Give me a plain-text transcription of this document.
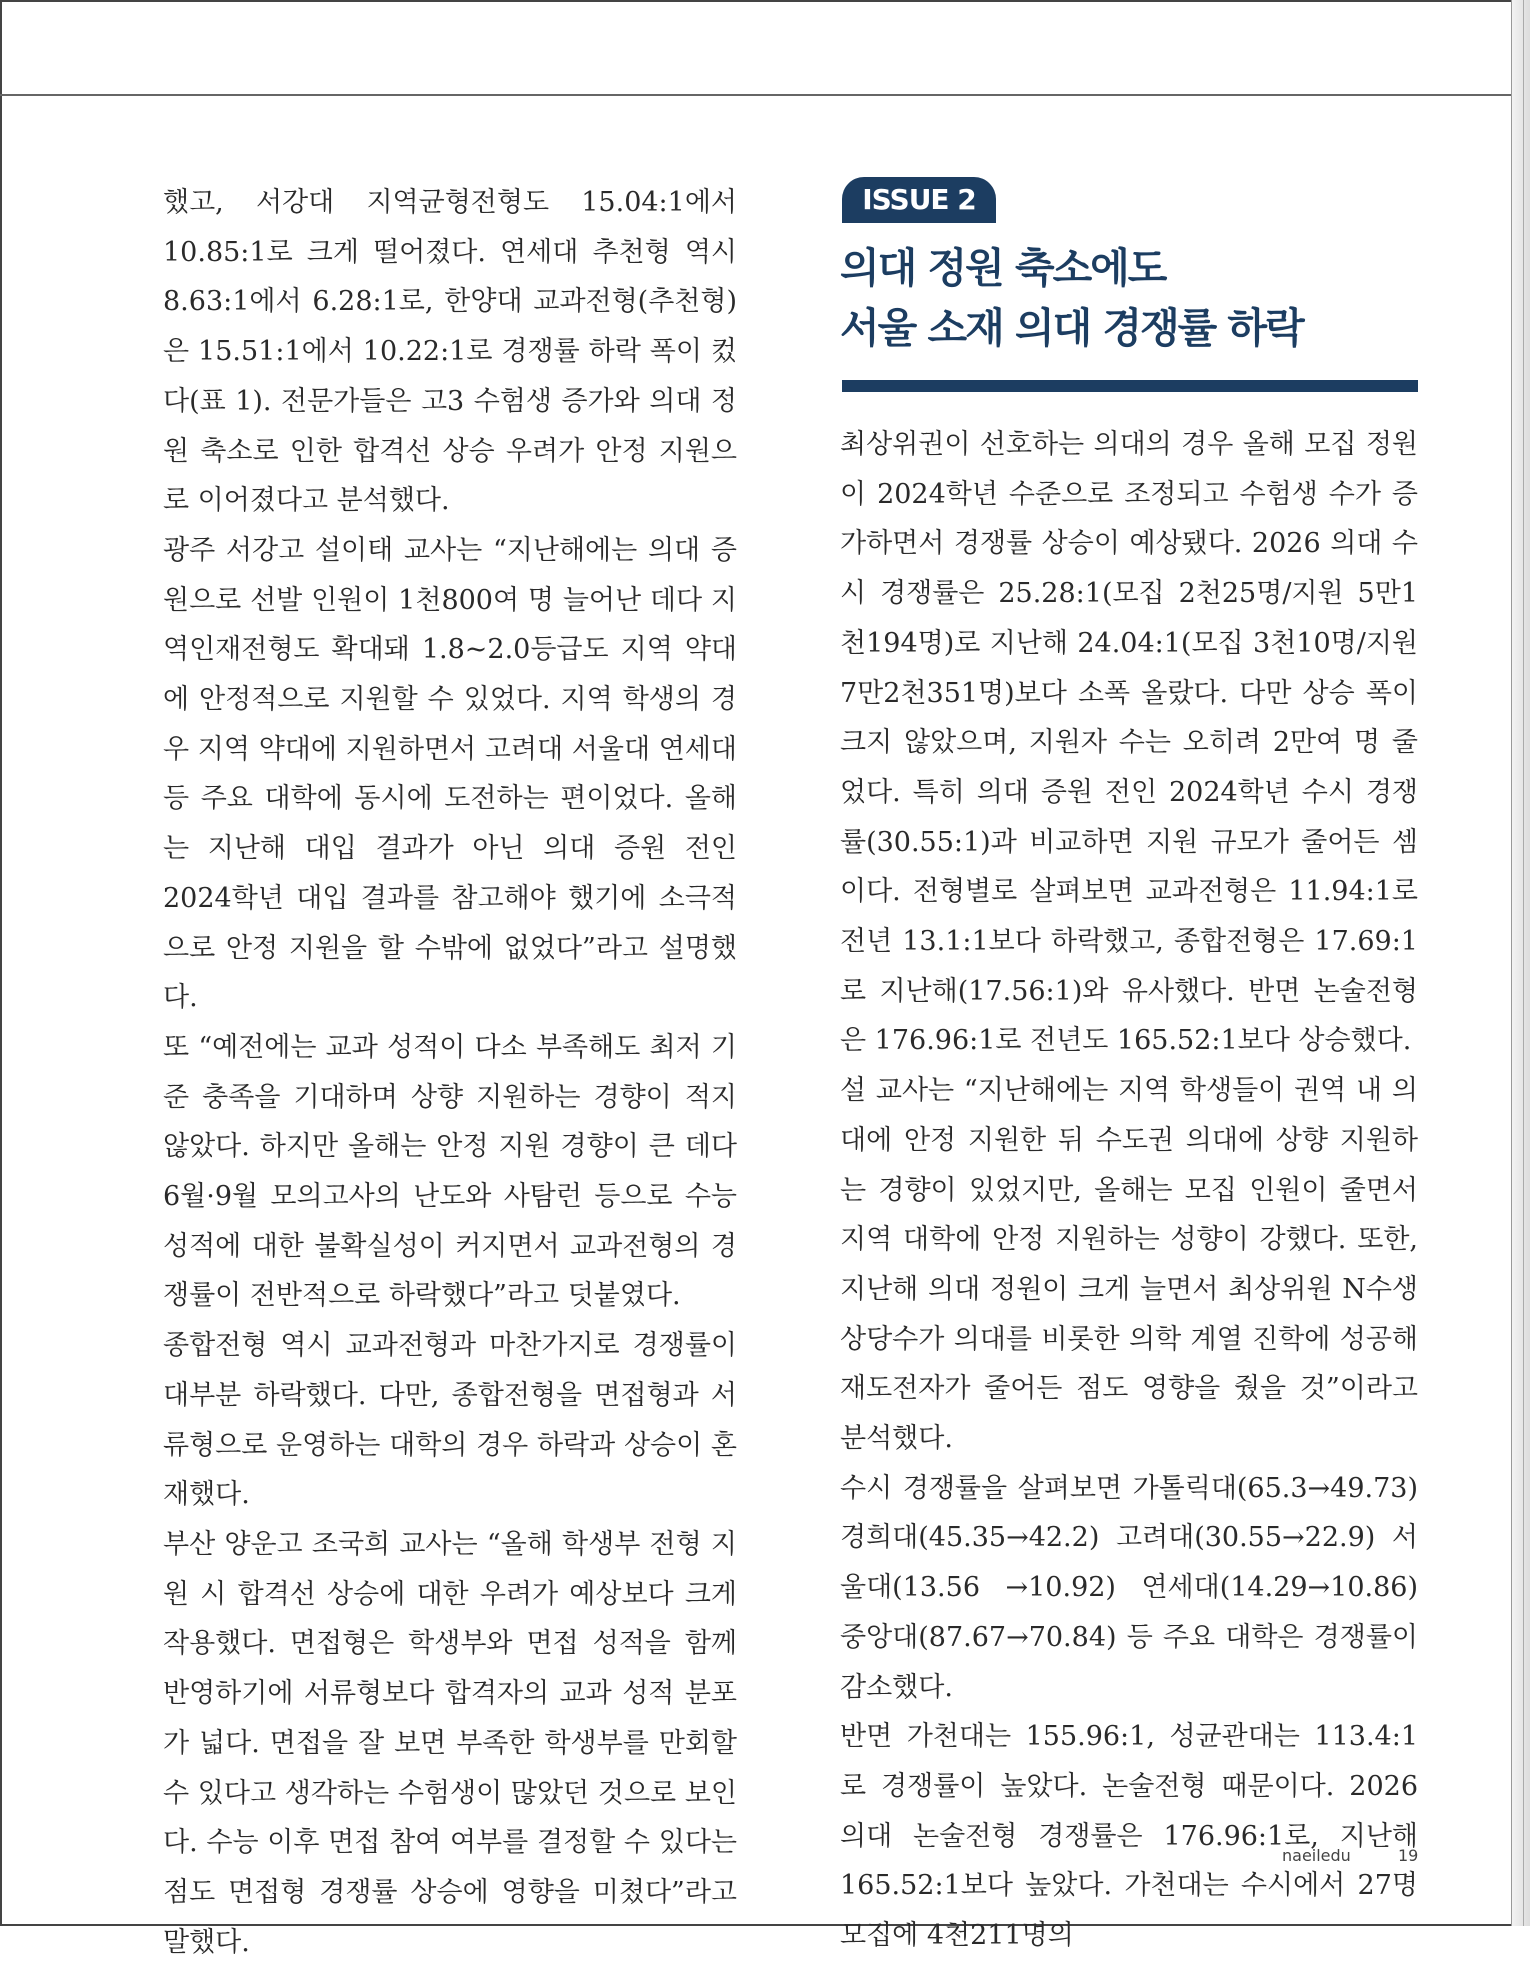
했고, 서강대 지역균형전형도 15.04:1에서 10.85:1로 크게 떨어졌다. 연세대 추천형 역시 8.63:1에서 6.28:1로, 한양대 교과전형(추천형)은 15.51:1에서 10.22:1로 경쟁률 하락 폭이 컸다(표 1). 전문가들은 고3 수험생 증가와 의대 정원 축소로 인한 합격선 상승 우려가 안정 지원으로 이어졌다고 분석했다.

광주 서강고 설이태 교사는 “지난해에는 의대 증원으로 선발 인원이 1천800여 명 늘어난 데다 지역인재전형도 확대돼 1.8~2.0등급도 지역 약대에 안정적으로 지원할 수 있었다. 지역 학생의 경우 지역 약대에 지원하면서 고려대 서울대 연세대 등 주요 대학에 동시에 도전하는 편이었다. 올해는 지난해 대입 결과가 아닌 의대 증원 전인 2024학년 대입 결과를 참고해야 했기에 소극적으로 안정 지원을 할 수밖에 없었다”라고 설명했다.

또 “예전에는 교과 성적이 다소 부족해도 최저 기준 충족을 기대하며 상향 지원하는 경향이 적지 않았다. 하지만 올해는 안정 지원 경향이 큰 데다 6월·9월 모의고사의 난도와 사탐런 등으로 수능 성적에 대한 불확실성이 커지면서 교과전형의 경쟁률이 전반적으로 하락했다”라고 덧붙였다.

종합전형 역시 교과전형과 마찬가지로 경쟁률이 대부분 하락했다. 다만, 종합전형을 면접형과 서류형으로 운영하는 대학의 경우 하락과 상승이 혼재했다.

부산 양운고 조국희 교사는 “올해 학생부 전형 지원 시 합격선 상승에 대한 우려가 예상보다 크게 작용했다. 면접형은 학생부와 면접 성적을 함께 반영하기에 서류형보다 합격자의 교과 성적 분포가 넓다. 면접을 잘 보면 부족한 학생부를 만회할 수 있다고 생각하는 수험생이 많았던 것으로 보인다. 수능 이후 면접 참여 여부를 결정할 수 있다는 점도 면접형 경쟁률 상승에 영향을 미쳤다”라고 말했다.

ISSUE 2
의대 정원 축소에도
서울 소재 의대 경쟁률 하락

최상위권이 선호하는 의대의 경우 올해 모집 정원이 2024학년 수준으로 조정되고 수험생 수가 증가하면서 경쟁률 상승이 예상됐다. 2026 의대 수시 경쟁률은 25.28:1(모집 2천25명/지원 5만1천194명)로 지난해 24.04:1(모집 3천10명/지원 7만2천351명)보다 소폭 올랐다. 다만 상승 폭이 크지 않았으며, 지원자 수는 오히려 2만여 명 줄었다. 특히 의대 증원 전인 2024학년 수시 경쟁률(30.55:1)과 비교하면 지원 규모가 줄어든 셈이다. 전형별로 살펴보면 교과전형은 11.94:1로 전년 13.1:1보다 하락했고, 종합전형은 17.69:1로 지난해(17.56:1)와 유사했다. 반면 논술전형은 176.96:1로 전년도 165.52:1보다 상승했다.

설 교사는 “지난해에는 지역 학생들이 권역 내 의대에 안정 지원한 뒤 수도권 의대에 상향 지원하는 경향이 있었지만, 올해는 모집 인원이 줄면서 지역 대학에 안정 지원하는 성향이 강했다. 또한, 지난해 의대 정원이 크게 늘면서 최상위원 N수생 상당수가 의대를 비롯한 의학 계열 진학에 성공해 재도전자가 줄어든 점도 영향을 줬을 것”이라고 분석했다.

수시 경쟁률을 살펴보면 가톨릭대(65.3→49.73) 경희대(45.35→42.2) 고려대(30.55→22.9) 서울대(13.56 →10.92) 연세대(14.29→10.86) 중앙대(87.67→70.84) 등 주요 대학은 경쟁률이 감소했다.

반면 가천대는 155.96:1, 성균관대는 113.4:1로 경쟁률이 높았다. 논술전형 때문이다. 2026 의대 논술전형 경쟁률은 176.96:1로, 지난해 165.52:1보다 높았다. 가천대는 수시에서 27명 모집에 4천211명의

naeiledu	19
